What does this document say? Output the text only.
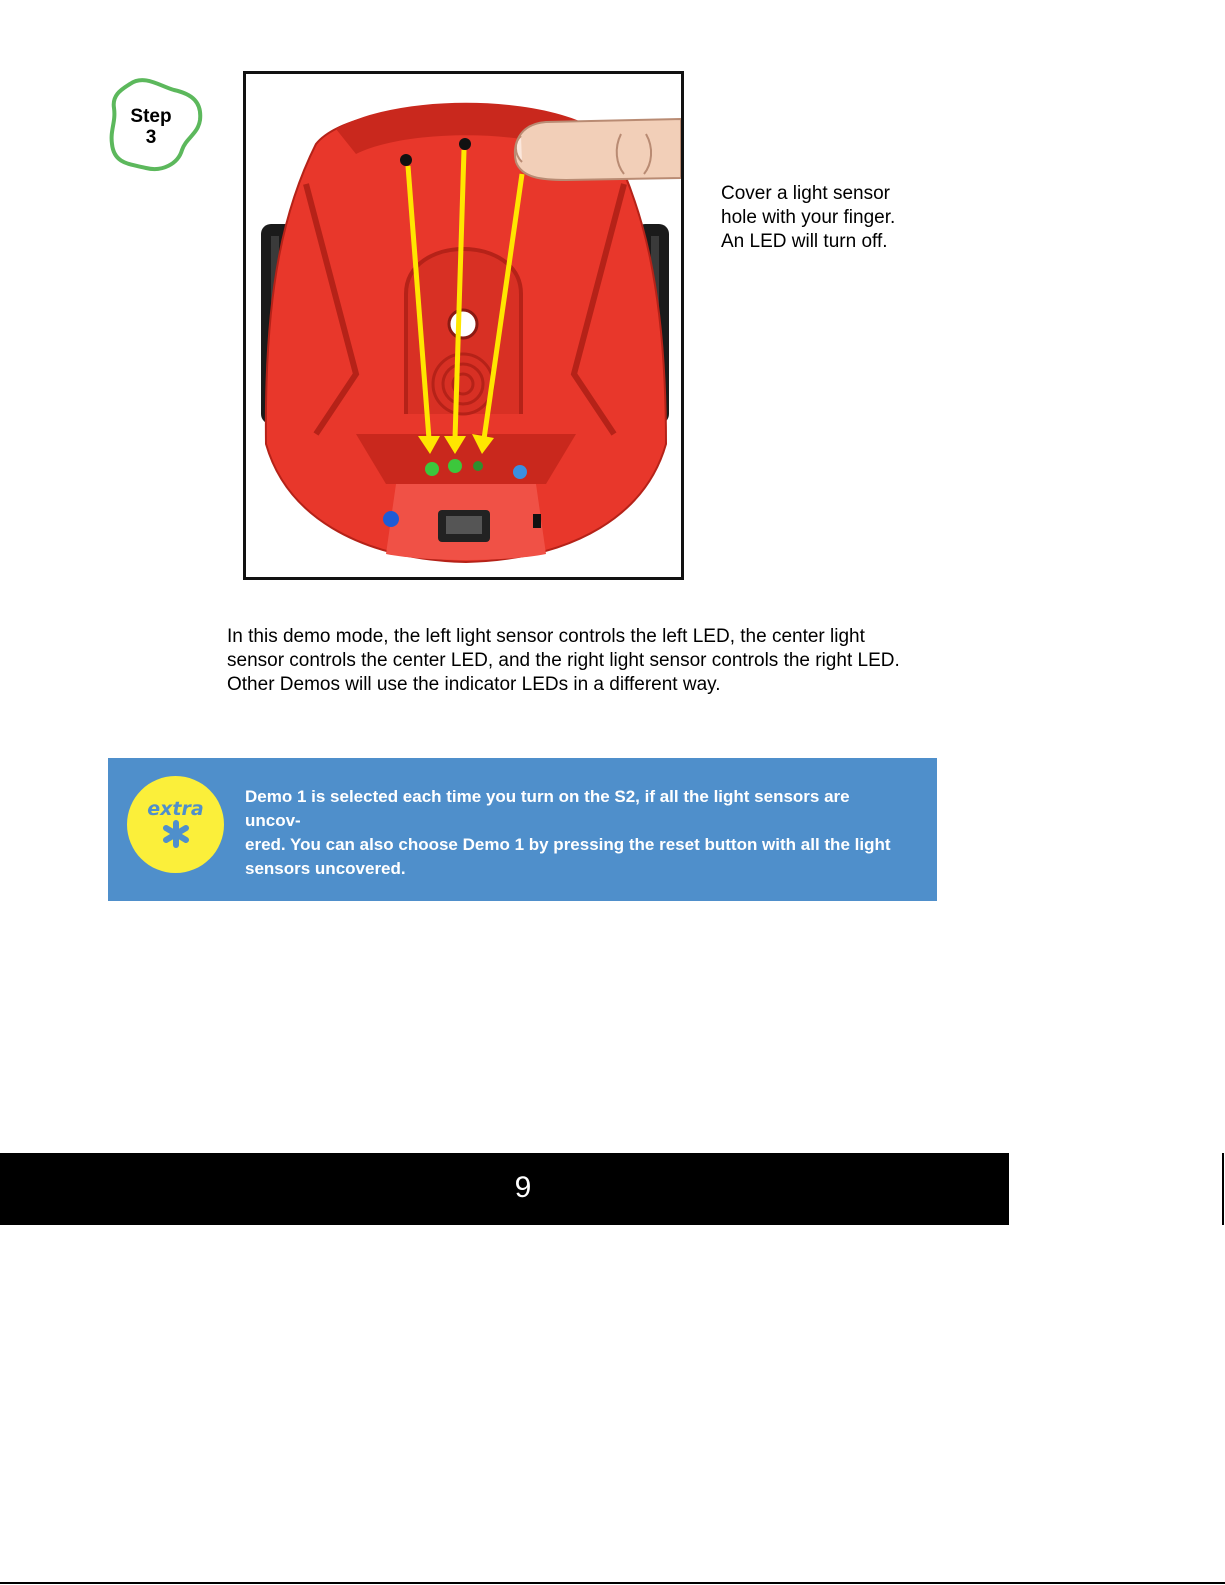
Step
3
Cover a light sensor
hole with your finger.
An LED will turn off.
In this demo mode, the left light sensor controls the left LED, the center light
sensor controls the center LED, and the right light sensor controls the right LED.
Other Demos will use the indicator LEDs in a different way.
extra
Demo 1 is selected each time you turn on the S2, if all the light sensors are uncov-
ered. You can also choose Demo 1 by pressing the reset button with all the light
sensors uncovered.
9
